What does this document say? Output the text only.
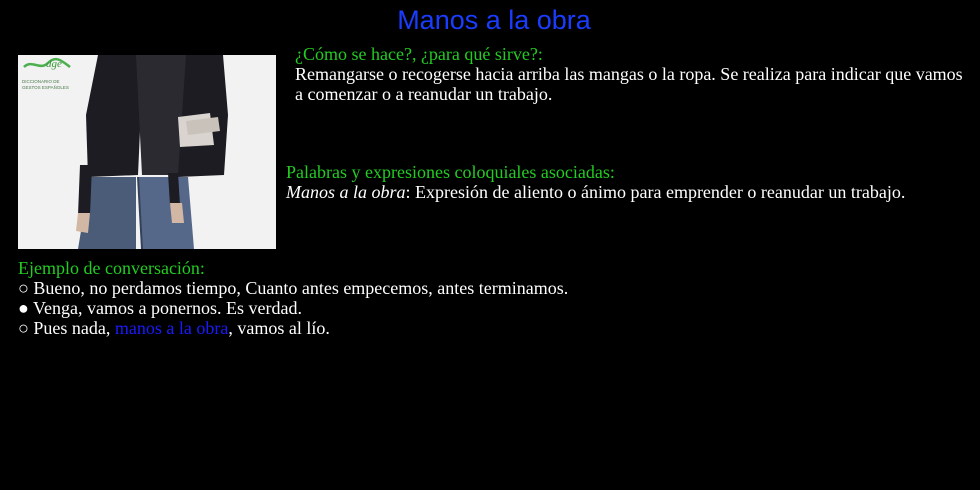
Manos a la obra
dge
DICCIONARIO DE
GESTOS ESPAÑOLES
¿Cómo se hace?, ¿para qué sirve?:
Remangarse o recogerse hacia arriba las mangas o la ropa. Se realiza para indicar que vamos a comenzar o a reanudar un trabajo.
Palabras y expresiones coloquiales asociadas:
Manos a la obra: Expresión de aliento o ánimo para emprender o reanudar un trabajo.
Ejemplo de conversación:
○ Bueno, no perdamos tiempo, Cuanto antes empecemos, antes terminamos.
● Venga, vamos a ponernos. Es verdad.
○ Pues nada, manos a la obra, vamos al lío.
